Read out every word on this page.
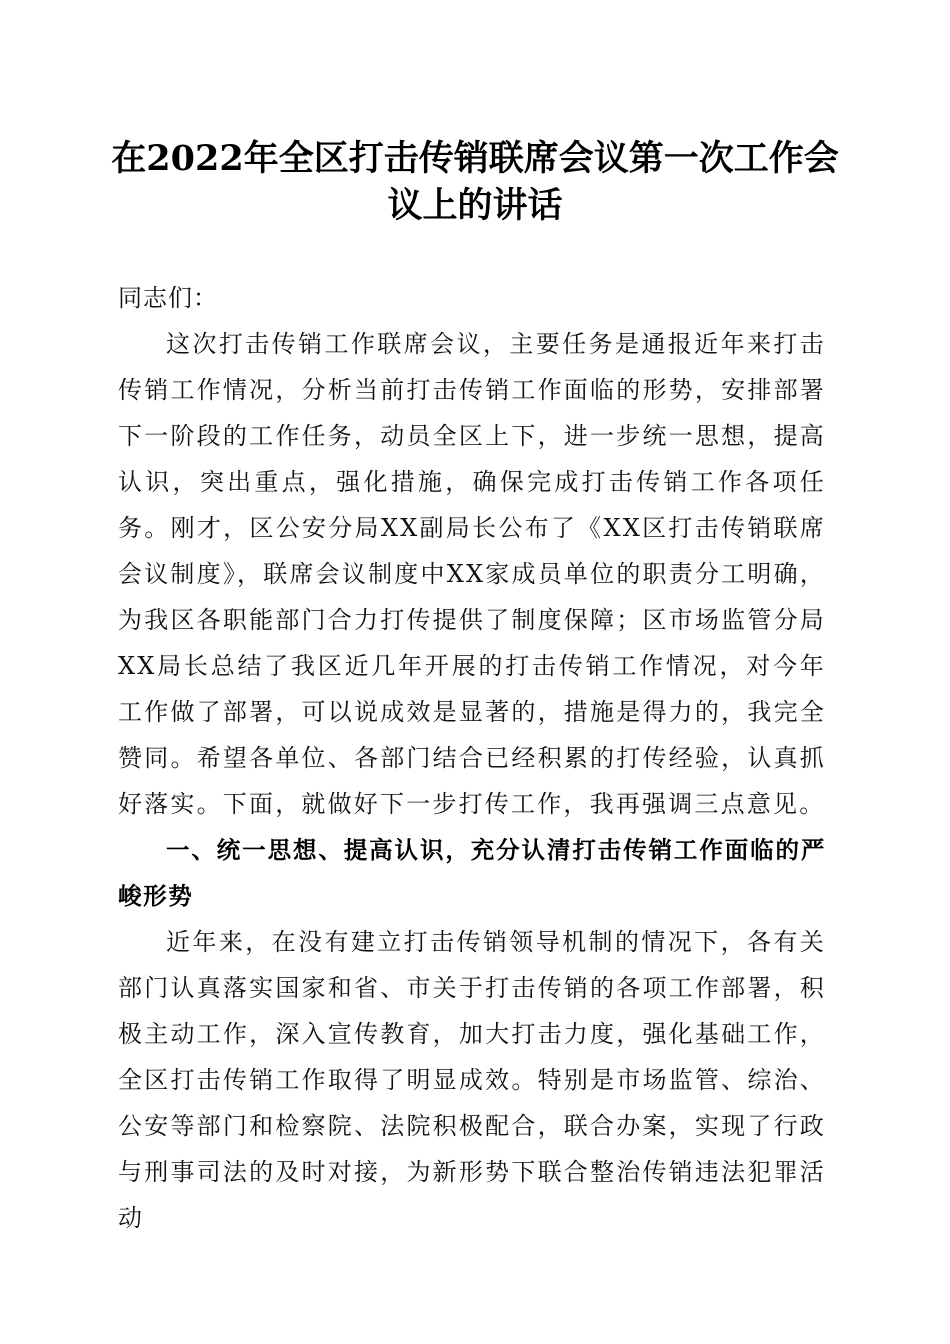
在2022年全区打击传销联席会议第一次工作会议上的讲话

同志们：

这次打击传销工作联席会议，主要任务是通报近年来打击传销工作情况，分析当前打击传销工作面临的形势，安排部署下一阶段的工作任务，动员全区上下，进一步统一思想，提高认识，突出重点，强化措施，确保完成打击传销工作各项任务。刚才，区公安分局XX副局长公布了《XX区打击传销联席会议制度》，联席会议制度中XX家成员单位的职责分工明确，为我区各职能部门合力打传提供了制度保障；区市场监管分局XX局长总结了我区近几年开展的打击传销工作情况，对今年工作做了部署，可以说成效是显著的，措施是得力的，我完全赞同。希望各单位、各部门结合已经积累的打传经验，认真抓好落实。下面，就做好下一步打传工作，我再强调三点意见。

一、统一思想、提高认识，充分认清打击传销工作面临的严峻形势

近年来，在没有建立打击传销领导机制的情况下，各有关部门认真落实国家和省、市关于打击传销的各项工作部署，积极主动工作，深入宣传教育，加大打击力度，强化基础工作，全区打击传销工作取得了明显成效。特别是市场监管、综治、公安等部门和检察院、法院积极配合，联合办案，实现了行政与刑事司法的及时对接，为新形势下联合整治传销违法犯罪活动
